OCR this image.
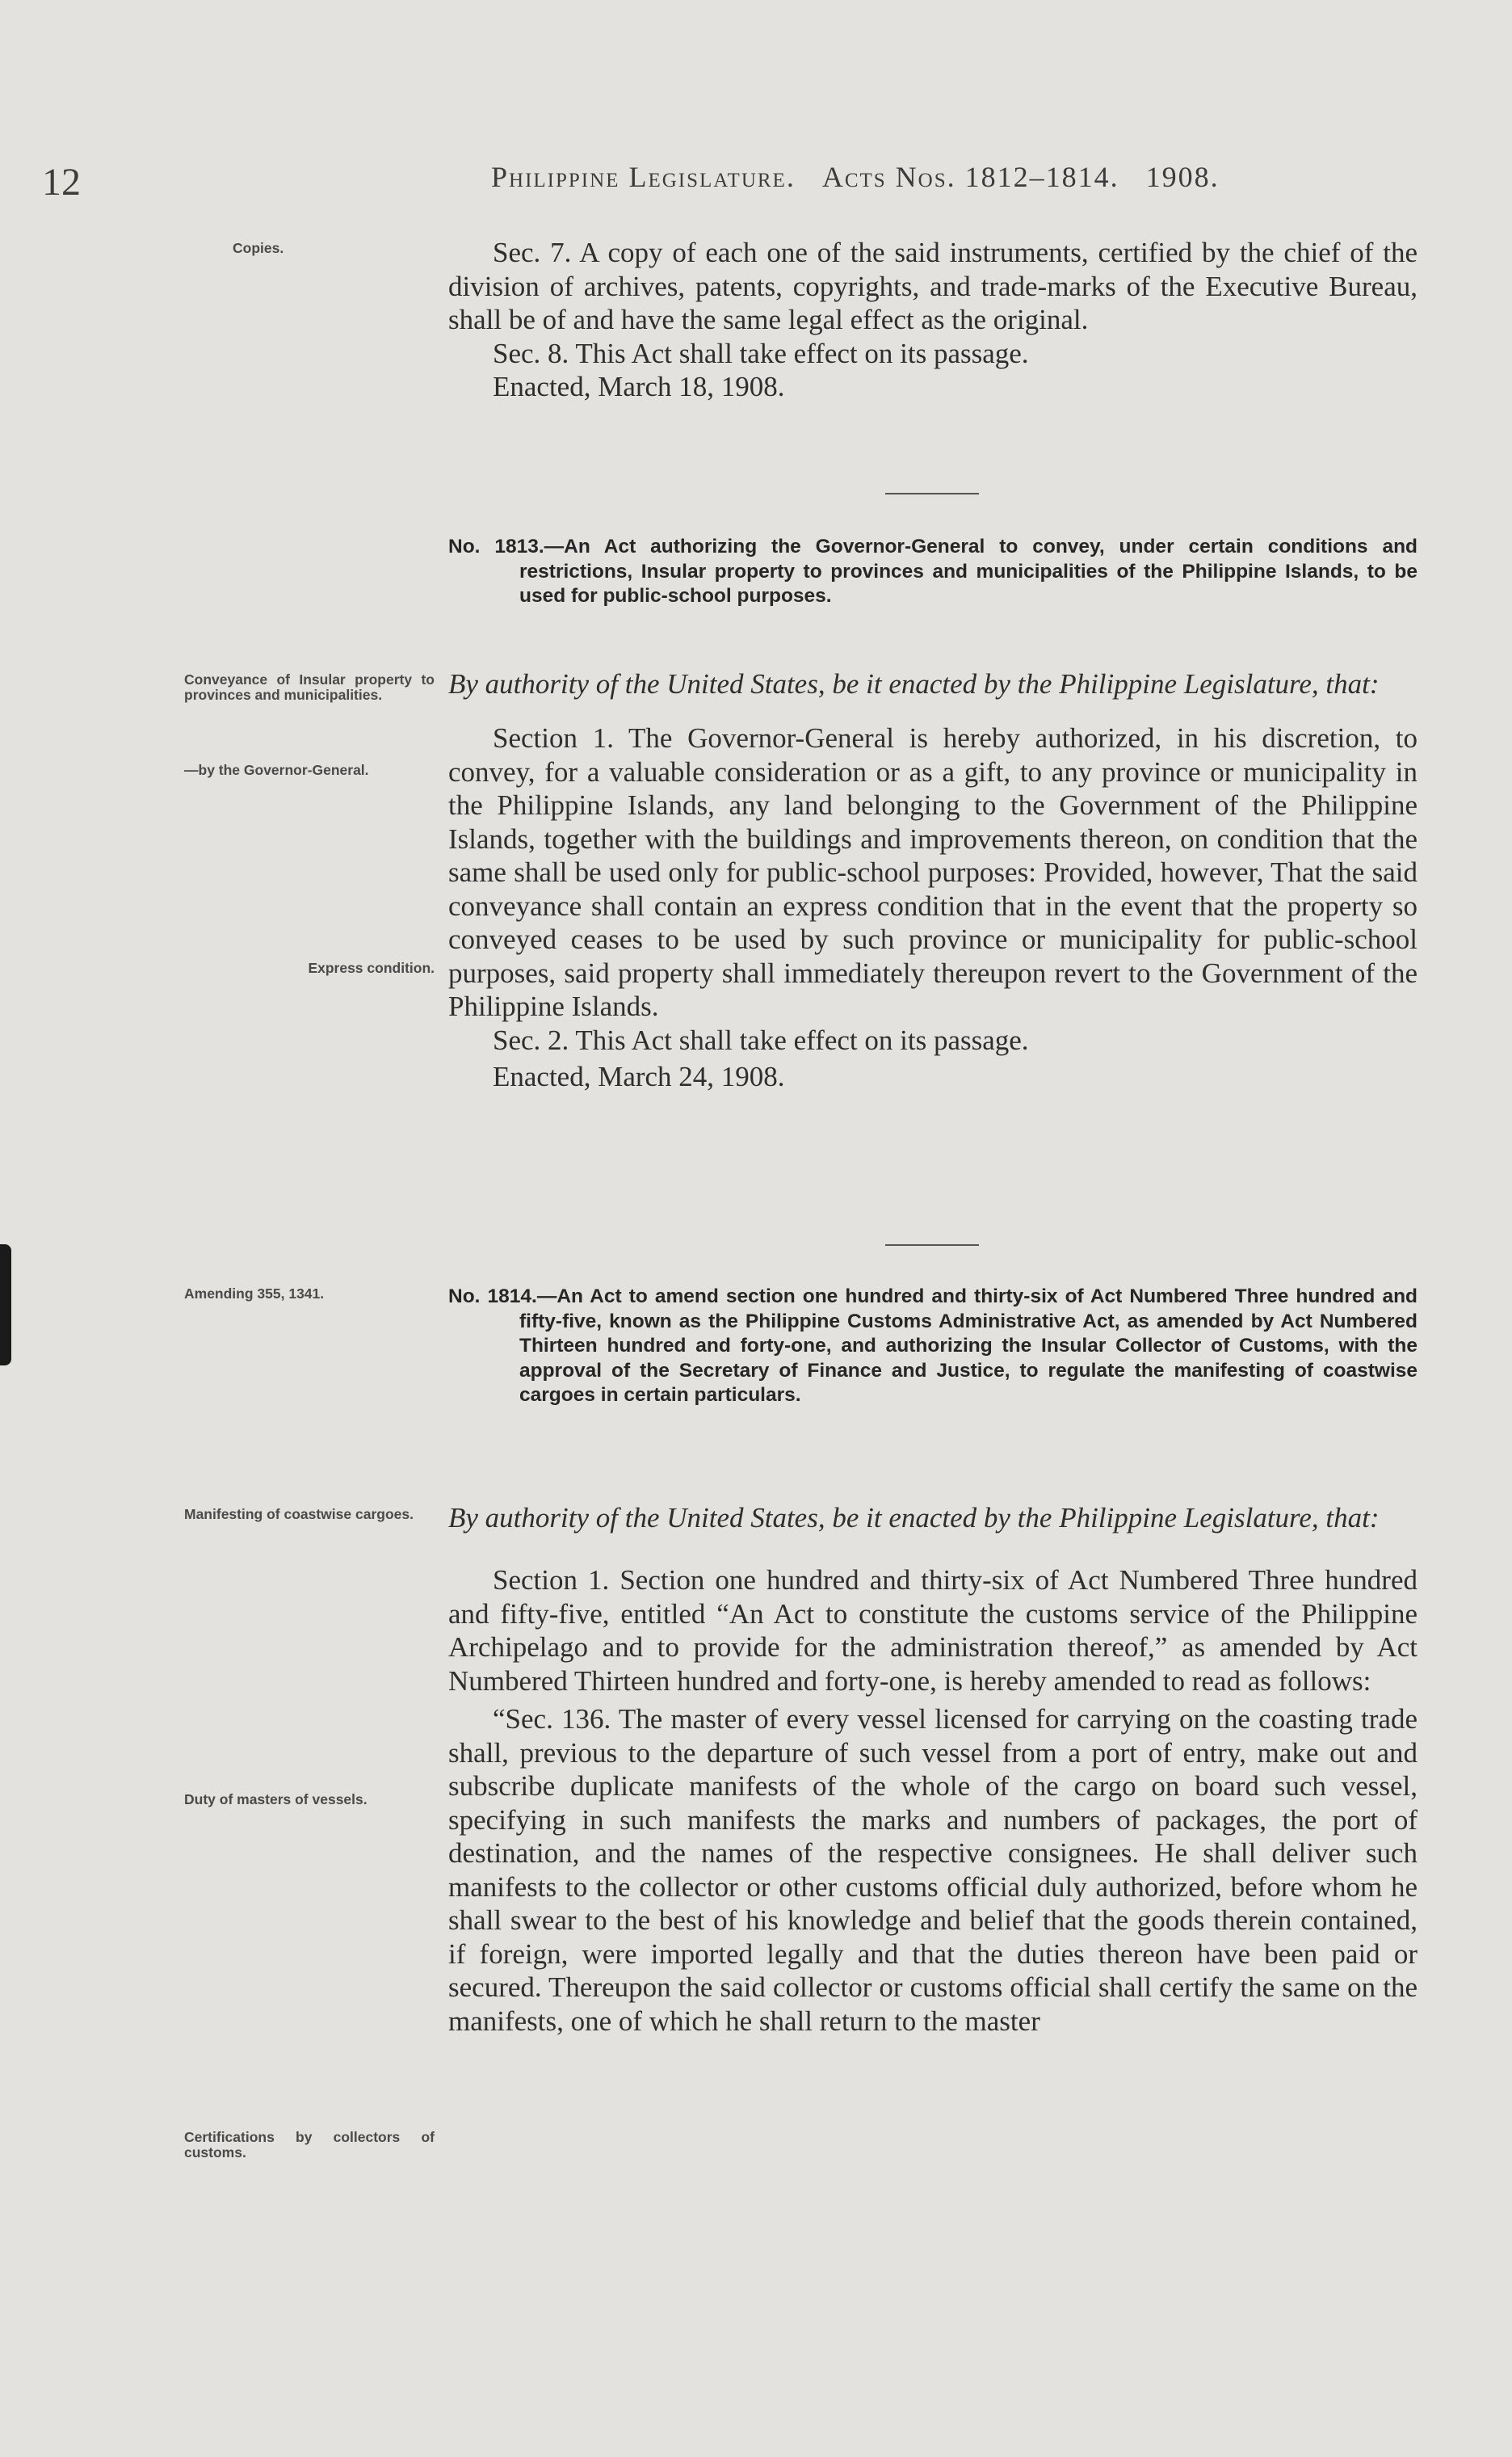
12	Philippine Legislature. Acts Nos. 1812–1814. 1908.
Copies.
Conveyance of Insular property to provinces and municipalities.
—by the Governor-General.
Express condition.
Amending 355, 1341.
Manifesting of coastwise cargoes.
Duty of masters of vessels.
Certifications by collectors of customs.

Sec. 7. A copy of each one of the said instruments, certified by the chief of the division of archives, patents, copyrights, and trade-marks of the Executive Bureau, shall be of and have the same legal effect as the original.

Sec. 8. This Act shall take effect on its passage.

Enacted, March 18, 1908.

No. 1813.—An Act authorizing the Governor-General to convey, under certain conditions and restrictions, Insular property to provinces and municipalities of the Philippine Islands, to be used for public-school purposes.

By authority of the United States, be it enacted by the Philippine Legislature, that:

Section 1. The Governor-General is hereby authorized, in his discretion, to convey, for a valuable consideration or as a gift, to any province or municipality in the Philippine Islands, any land belonging to the Government of the Philippine Islands, together with the buildings and improvements thereon, on condition that the same shall be used only for public-school purposes: Provided, however, That the said conveyance shall contain an express condition that in the event that the property so conveyed ceases to be used by such province or municipality for public-school purposes, said property shall immediately thereupon revert to the Government of the Philippine Islands.

Sec. 2. This Act shall take effect on its passage.

Enacted, March 24, 1908.

No. 1814.—An Act to amend section one hundred and thirty-six of Act Numbered Three hundred and fifty-five, known as the Philippine Customs Administrative Act, as amended by Act Numbered Thirteen hundred and forty-one, and authorizing the Insular Collector of Customs, with the approval of the Secretary of Finance and Justice, to regulate the manifesting of coastwise cargoes in certain particulars.

By authority of the United States, be it enacted by the Philippine Legislature, that:

Section 1. Section one hundred and thirty-six of Act Numbered Three hundred and fifty-five, entitled “An Act to constitute the customs service of the Philippine Archipelago and to provide for the administration thereof,” as amended by Act Numbered Thirteen hundred and forty-one, is hereby amended to read as follows:

“Sec. 136. The master of every vessel licensed for carrying on the coasting trade shall, previous to the departure of such vessel from a port of entry, make out and subscribe duplicate manifests of the whole of the cargo on board such vessel, specifying in such manifests the marks and numbers of packages, the port of destination, and the names of the respective consignees. He shall deliver such manifests to the collector or other customs official duly authorized, before whom he shall swear to the best of his knowledge and belief that the goods therein contained, if foreign, were imported legally and that the duties thereon have been paid or secured. Thereupon the said collector or customs official shall certify the same on the manifests, one of which he shall return to the master
